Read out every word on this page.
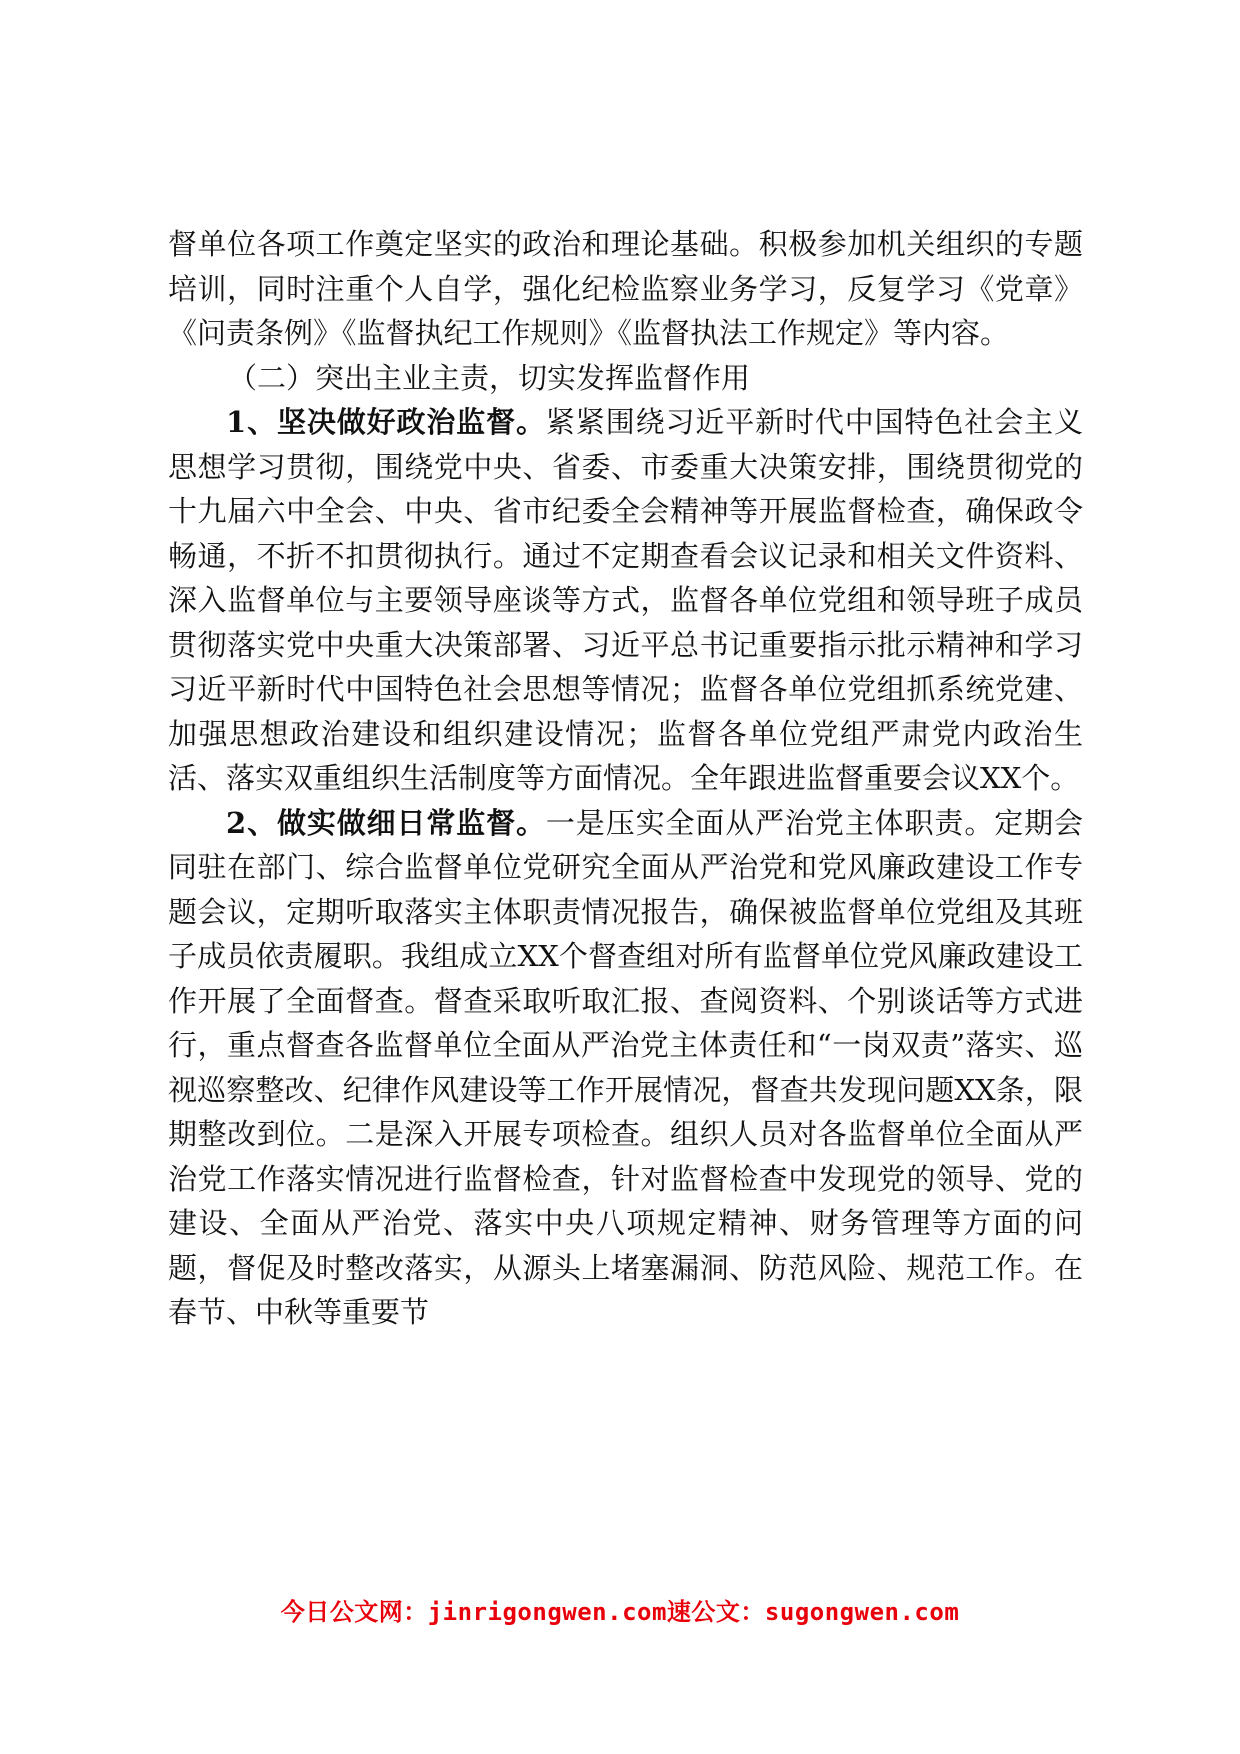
督单位各项工作奠定坚实的政治和理论基础。积极参加机关组织的专题培训，同时注重个人自学，强化纪检监察业务学习，反复学习《党章》《问责条例》《监督执纪工作规则》《监督执法工作规定》等内容。

（二）突出主业主责，切实发挥监督作用

1、坚决做好政治监督。紧紧围绕习近平新时代中国特色社会主义思想学习贯彻，围绕党中央、省委、市委重大决策安排，围绕贯彻党的十九届六中全会、中央、省市纪委全会精神等开展监督检查，确保政令畅通，不折不扣贯彻执行。通过不定期查看会议记录和相关文件资料、深入监督单位与主要领导座谈等方式，监督各单位党组和领导班子成员贯彻落实党中央重大决策部署、习近平总书记重要指示批示精神和学习习近平新时代中国特色社会思想等情况；监督各单位党组抓系统党建、加强思想政治建设和组织建设情况；监督各单位党组严肃党内政治生活、落实双重组织生活制度等方面情况。全年跟进监督重要会议XX个。

2、做实做细日常监督。一是压实全面从严治党主体职责。定期会同驻在部门、综合监督单位党研究全面从严治党和党风廉政建设工作专题会议，定期听取落实主体职责情况报告，确保被监督单位党组及其班子成员依责履职。我组成立XX个督查组对所有监督单位党风廉政建设工作开展了全面督查。督查采取听取汇报、查阅资料、个别谈话等方式进行，重点督查各监督单位全面从严治党主体责任和“一岗双责”落实、巡视巡察整改、纪律作风建设等工作开展情况，督查共发现问题XX条，限期整改到位。二是深入开展专项检查。组织人员对各监督单位全面从严治党工作落实情况进行监督检查，针对监督检查中发现党的领导、党的建设、全面从严治党、落实中央八项规定精神、财务管理等方面的问题，督促及时整改落实，从源头上堵塞漏洞、防范风险、规范工作。在春节、中秋等重要节

今日公文网：jinrigongwen.com速公文：sugongwen.com
